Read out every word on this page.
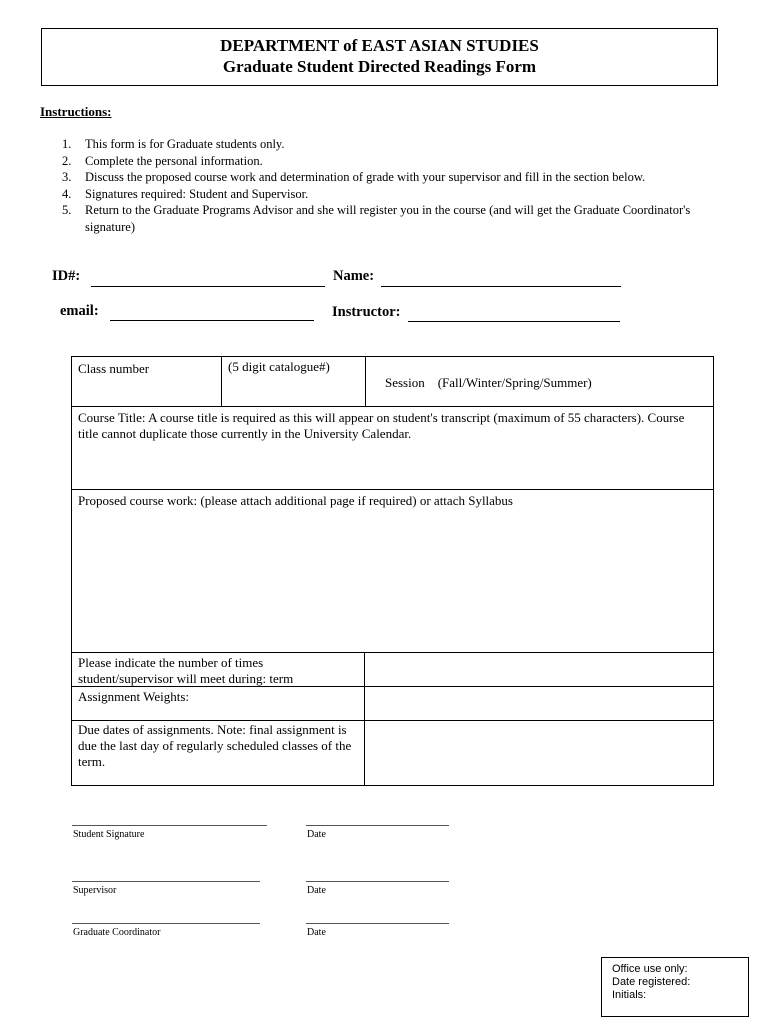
DEPARTMENT of EAST ASIAN STUDIES
Graduate Student Directed Readings Form
Instructions:
1.	This form is for Graduate students only.
2.	Complete the personal information.
3.	Discuss the proposed course work and determination of grade with your supervisor and fill in the section below.
4.	Signatures required: Student and Supervisor.
5.	Return to the Graduate Programs Advisor and she will register you in the course (and will get the Graduate Coordinator's signature)
ID#:	Name:
email:	Instructor:
Class number	(5 digit catalogue#)

Session    (Fall/Winter/Spring/Summer)

Course Title: A course title is required as this will appear on student's transcript (maximum of 55 characters). Course title cannot duplicate those currently in the University Calendar.
Proposed course work: (please attach additional page if required) or attach Syllabus
Please indicate the number of times student/supervisor will meet during: term
Assignment Weights:
Due dates of assignments. Note: final assignment is due the last day of regularly scheduled classes of the term.
Student Signature	Date
Supervisor	Date
Graduate Coordinator	Date
Office use only:
Date registered:
Initials:
